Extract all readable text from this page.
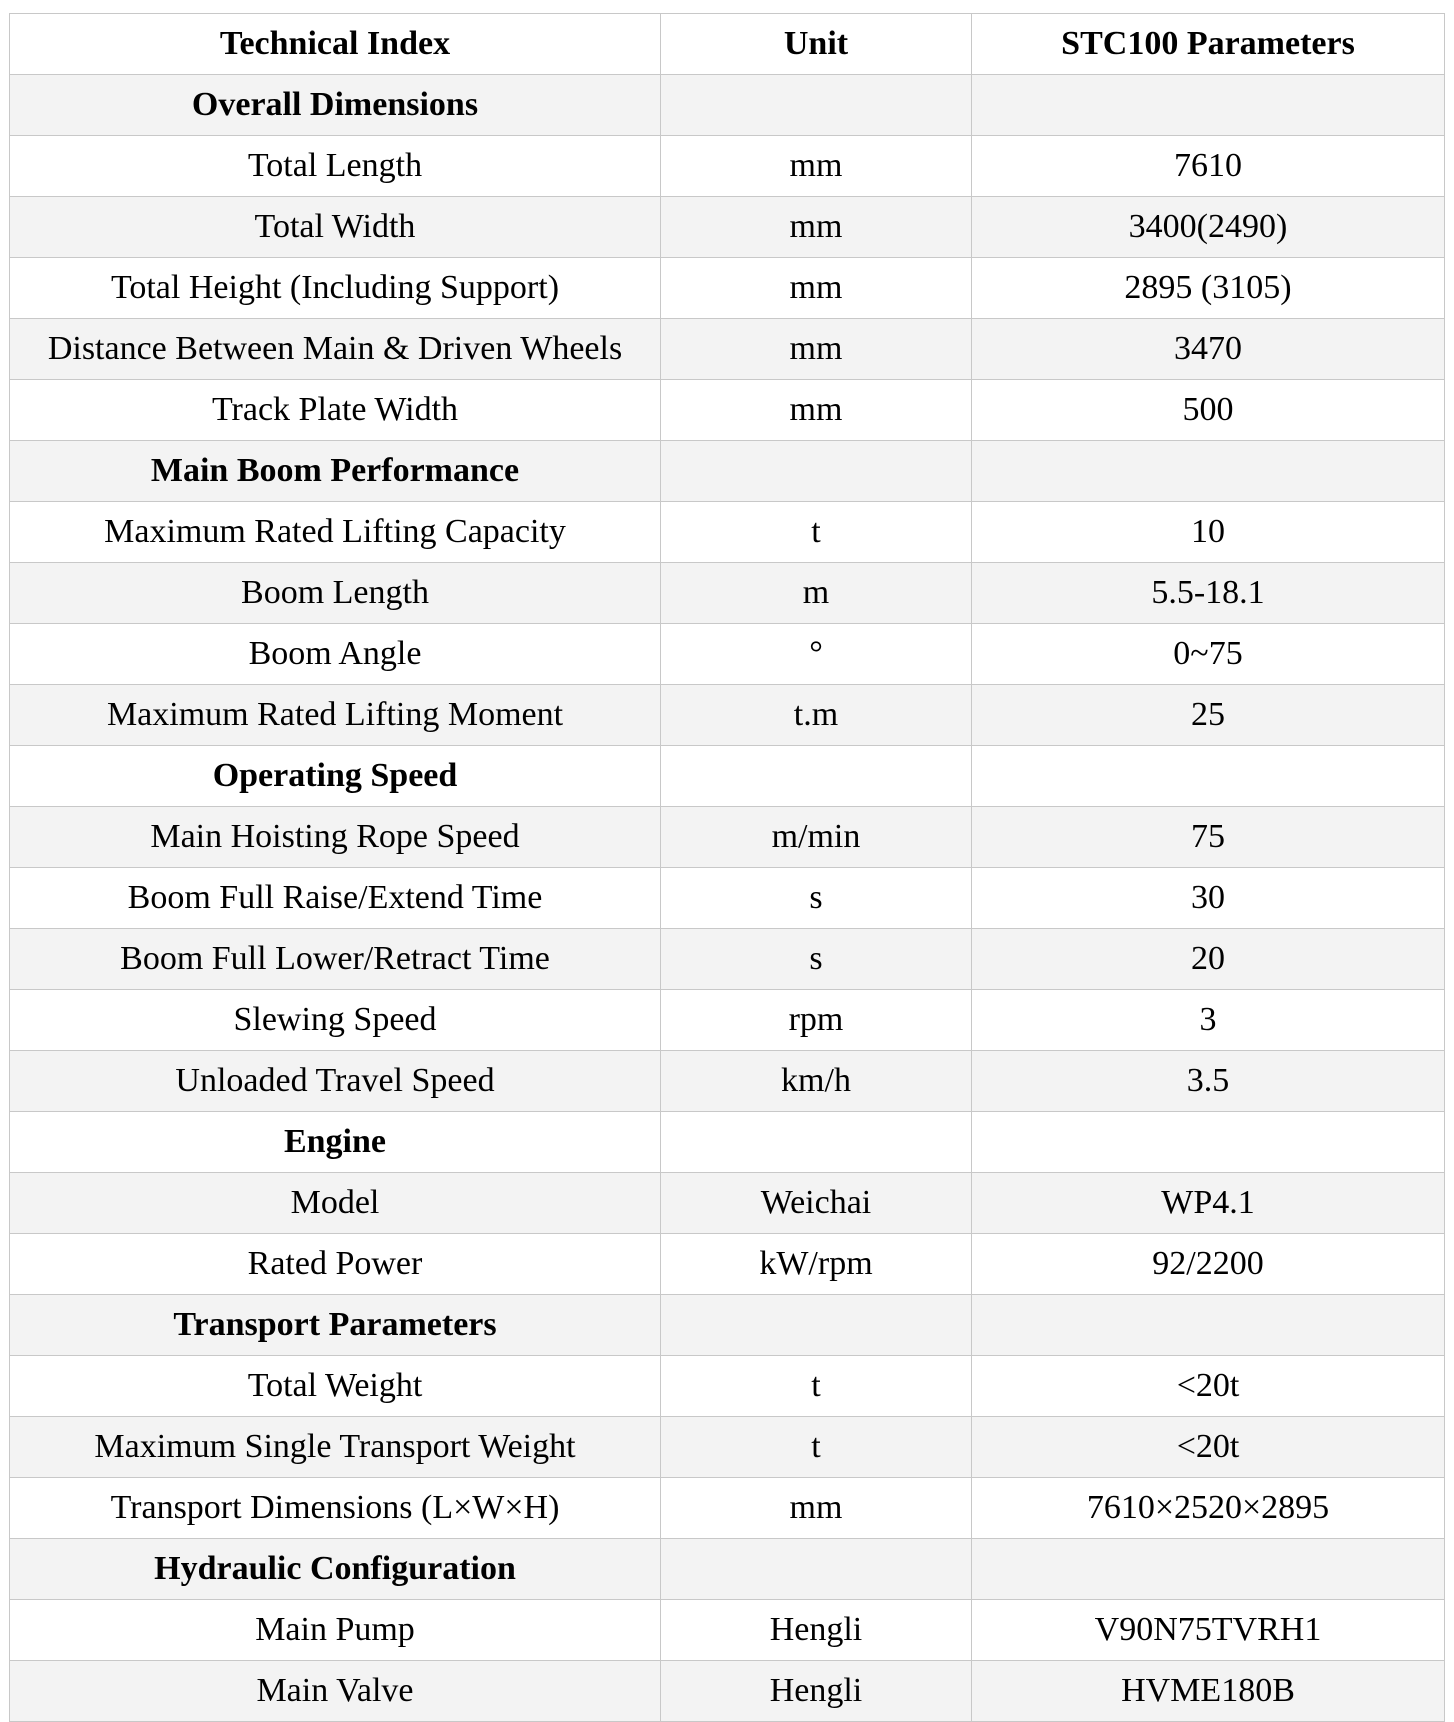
Technical Index	Unit	STC100 Parameters
Overall Dimensions		
Total Length	mm	7610
Total Width	mm	3400(2490)
Total Height (Including Support)	mm	2895 (3105)
Distance Between Main & Driven Wheels	mm	3470
Track Plate Width	mm	500
Main Boom Performance		
Maximum Rated Lifting Capacity	t	10
Boom Length	m	5.5-18.1
Boom Angle	°	0~75
Maximum Rated Lifting Moment	t.m	25
Operating Speed		
Main Hoisting Rope Speed	m/min	75
Boom Full Raise/Extend Time	s	30
Boom Full Lower/Retract Time	s	20
Slewing Speed	rpm	3
Unloaded Travel Speed	km/h	3.5
Engine		
Model	Weichai	WP4.1
Rated Power	kW/rpm	92/2200
Transport Parameters		
Total Weight	t	<20t
Maximum Single Transport Weight	t	<20t
Transport Dimensions (L×W×H)	mm	7610×2520×2895
Hydraulic Configuration		
Main Pump	Hengli	V90N75TVRH1
Main Valve	Hengli	HVME180B
